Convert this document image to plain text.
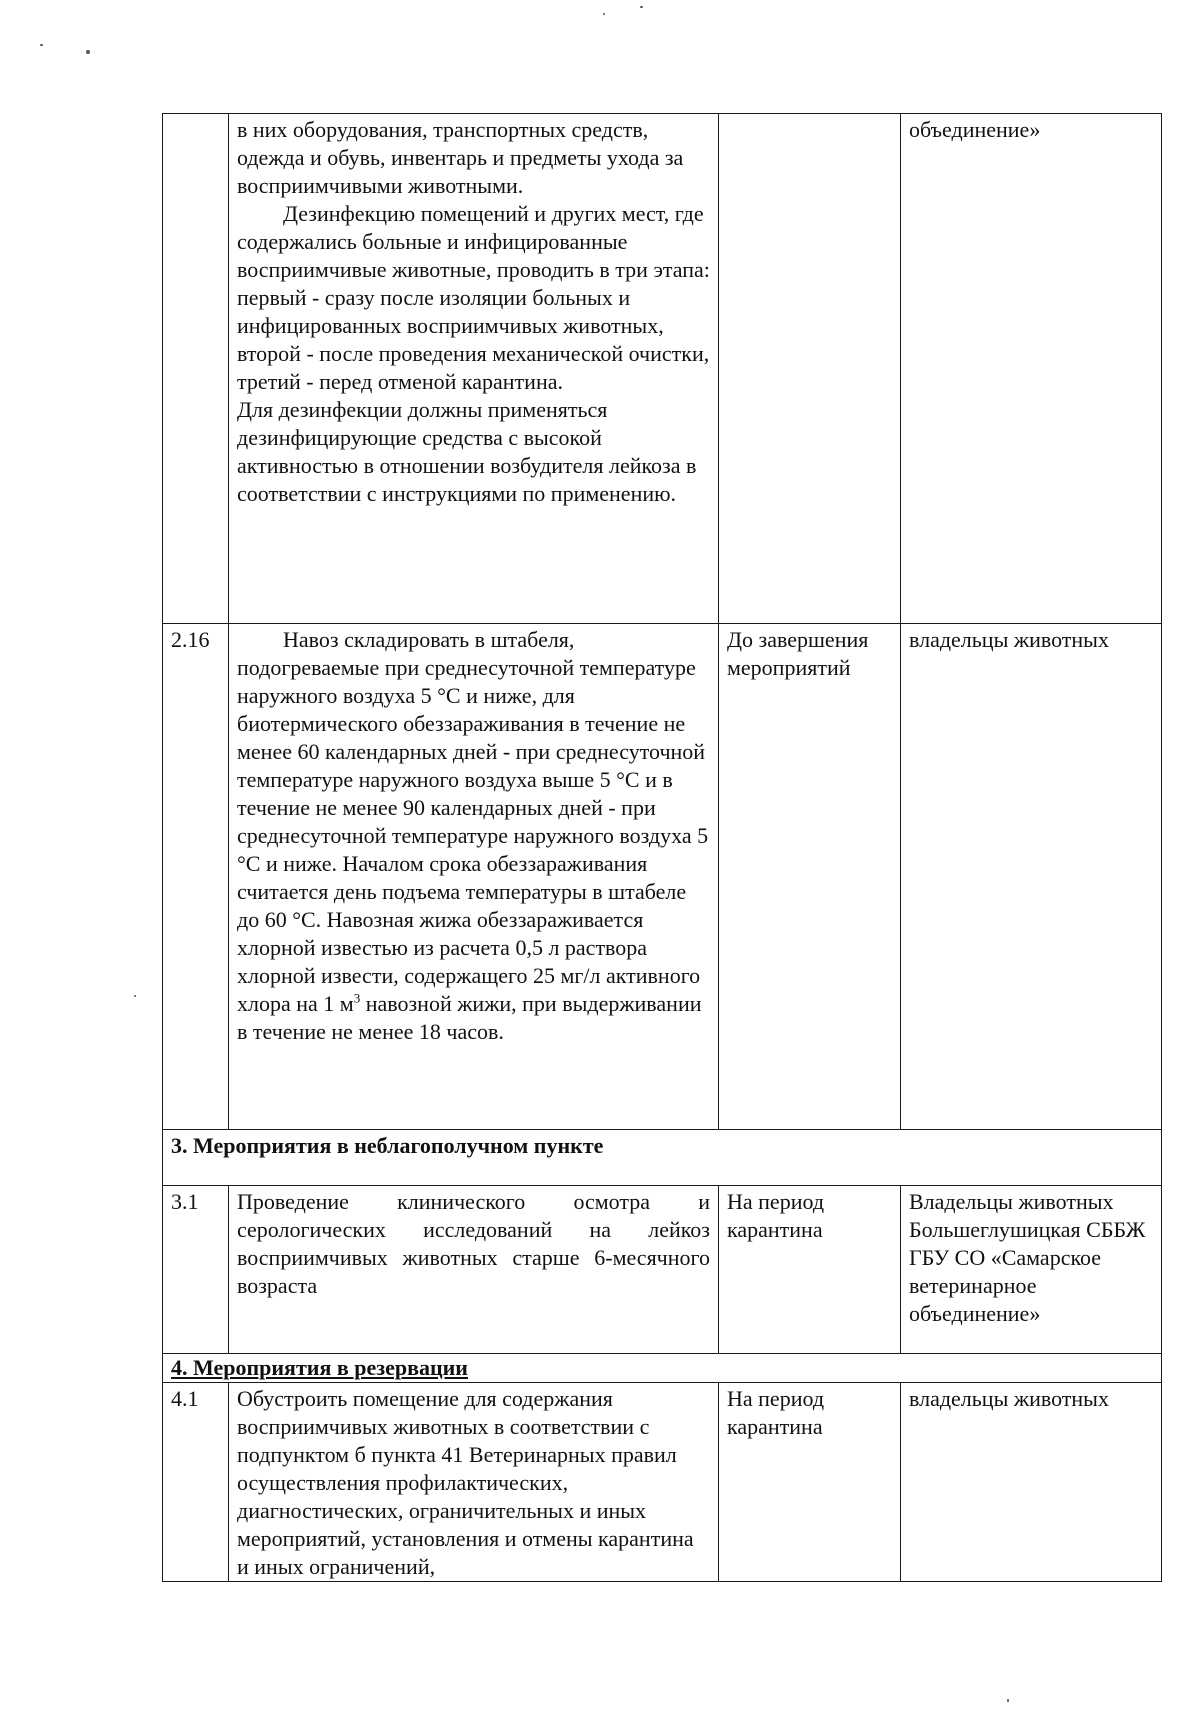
	в них оборудования, транспортных средств, одежда и обувь, инвентарь и предметы ухода за восприимчивыми животными.

Дезинфекцию помещений и других мест, где содержались больные и инфицированные восприимчивые животные, проводить в три этапа: первый - сразу после изоляции больных и инфицированных восприимчивых животных, второй - после проведения механической очистки, третий - перед отменой карантина.

Для дезинфекции должны применяться дезинфицирующие средства с высокой активностью в отношении возбудителя лейкоза в соответствии с инструкциями по применению.		объединение»
2.16	Навоз складировать в штабеля, подогреваемые при среднесуточной температуре наружного воздуха 5 °С и ниже, для биотермического обеззараживания в течение не менее 60 календарных дней - при среднесуточной температуре наружного воздуха выше 5 °С и в течение не менее 90 календарных дней - при среднесуточной температуре наружного воздуха 5 °С и ниже. Началом срока обеззараживания считается день подъема температуры в штабеле до 60 °С. Навозная жижа обеззараживается хлорной известью из расчета 0,5 л раствора хлорной извести, содержащего 25 мг/л активного хлора на 1 $м^3$ навозной жижи, при выдерживании в течение не менее 18 часов.	До завершения мероприятий	владельцы животных
3. Мероприятия в неблагополучном пункте			
3.1	Проведение клинического осмотра и серологических исследований на лейкоз восприимчивых животных старше 6-месячного возраста	На период карантина	Владельцы животных Большеглушицкая СББЖ ГБУ СО «Самарское ветеринарное объединение»
4. Мероприятия в резервации			
4.1	Обустроить помещение для содержания восприимчивых животных в соответствии с подпунктом б пункта 41 Ветеринарных правил осуществления профилактических, диагностических, ограничительных и иных мероприятий, установления и отмены карантина и иных ограничений,	На период карантина	владельцы животных
